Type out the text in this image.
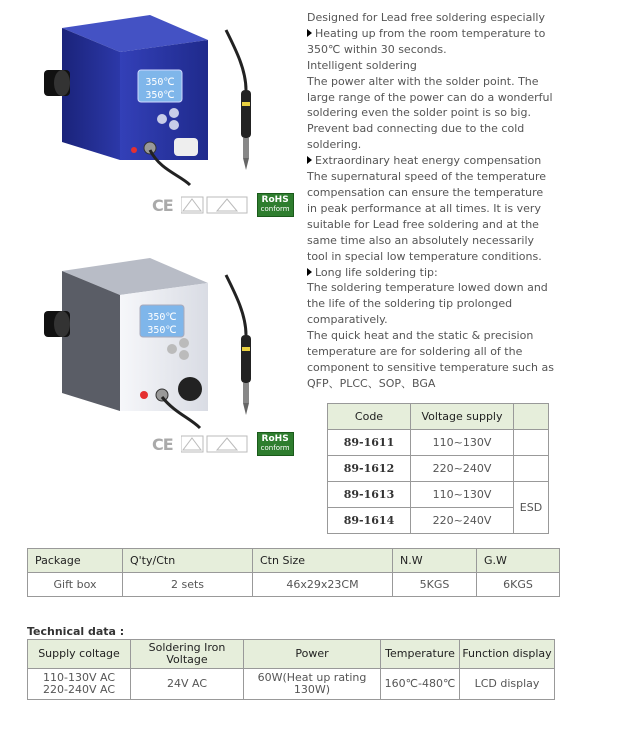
350℃
350℃
CE	RoHS
conform
350℃
350℃
CE	RoHS
conform
Designed for Lead free soldering especially
Heating up from the room temperature to
350℃ within 30 seconds.
Intelligent soldering
The power alter with the solder point. The
large range of the power can do a wonderful
soldering even the solder point is so big.
Prevent bad connecting due to the cold
soldering.
Extraordinary heat energy compensation
The supernatural speed of the temperature
compensation can ensure the temperature
in peak performance at all times. It is very
suitable for Lead free soldering and at the
same time also an absolutely necessarily
tool in special low temperature conditions.
Long life soldering tip:
The soldering temperature lowed down and
the life of the soldering tip prolonged
comparatively.
The quick heat and the static & precision
temperature are for soldering all of the
component to sensitive temperature such as
QFP、PLCC、SOP、BGA
Code	Voltage supply	
89-1611	110~130V	
89-1612	220~240V	
89-1613	110~130V	ESD
89-1614	220~240V	
Package	Q'ty/Ctn	Ctn Size	N.W	G.W
Gift box	2 sets	46x29x23CM	5KGS	6KGS
Technical data :
Supply coltage	Soldering Iron Voltage	Power	Temperature	Function display

110-130V AC
220-240V AC	24V AC	60W(Heat up rating 130W)	160℃-480℃	LCD display
